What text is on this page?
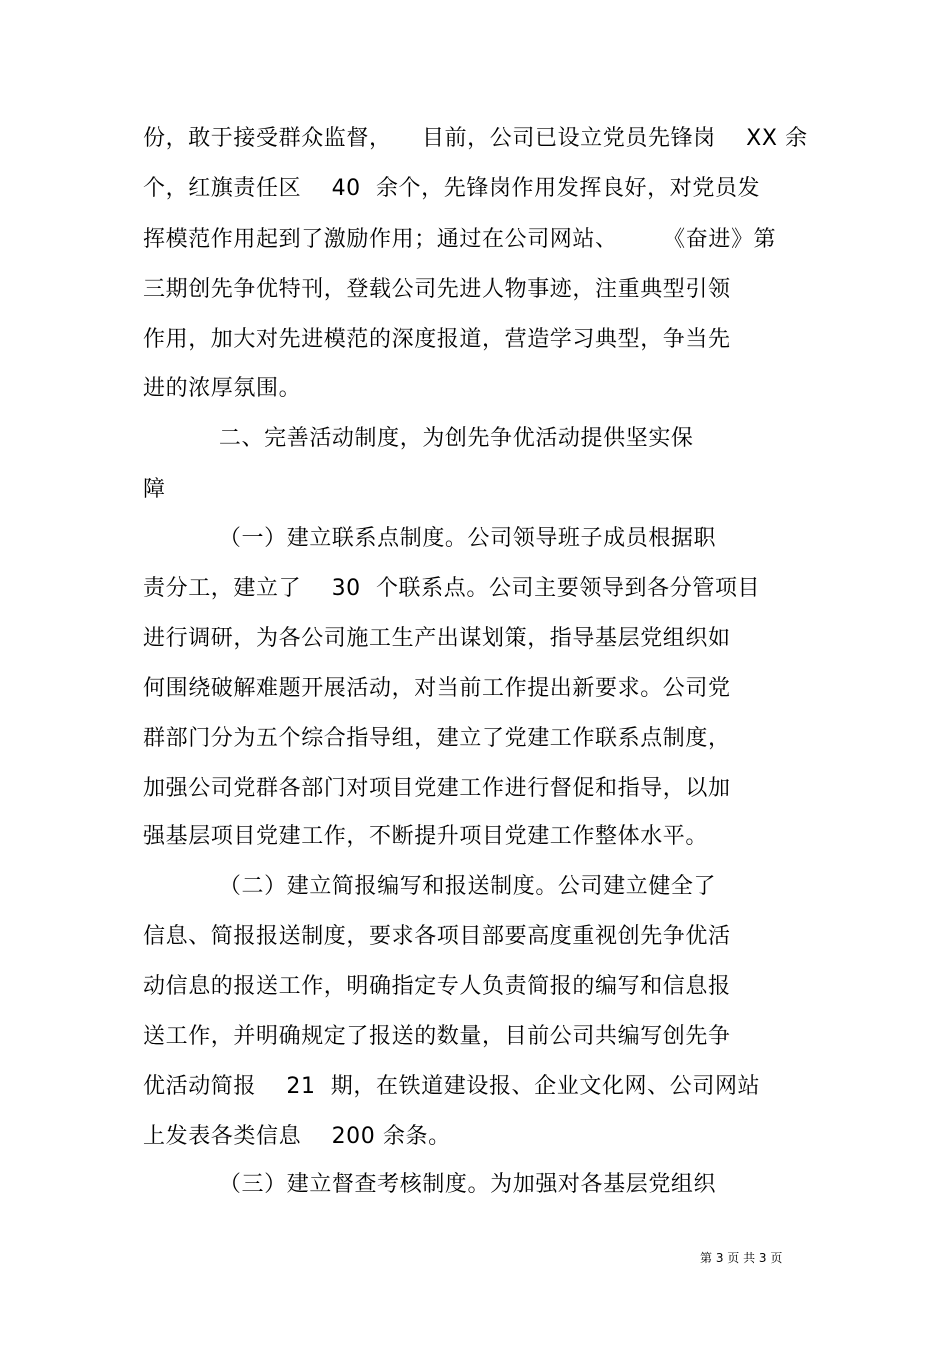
份，敢于接受群众监督，    目前，公司已设立党员先锋岗    XX 余
个，红旗责任区    40  余个，先锋岗作用发挥良好，对党员发
挥模范作用起到了激励作用；通过在公司网站、      《奋进》第
三期创先争优特刊，登载公司先进人物事迹，注重典型引领
作用，加大对先进模范的深度报道，营造学习典型，争当先
进的浓厚氛围。
二、完善活动制度，为创先争优活动提供坚实保
障
（一）建立联系点制度。公司领导班子成员根据职
责分工，建立了    30  个联系点。公司主要领导到各分管项目
进行调研，为各公司施工生产出谋划策，指导基层党组织如
何围绕破解难题开展活动，对当前工作提出新要求。公司党
群部门分为五个综合指导组，建立了党建工作联系点制度，
加强公司党群各部门对项目党建工作进行督促和指导，以加
强基层项目党建工作，不断提升项目党建工作整体水平。
（二）建立简报编写和报送制度。公司建立健全了
信息、简报报送制度，要求各项目部要高度重视创先争优活
动信息的报送工作，明确指定专人负责简报的编写和信息报
送工作，并明确规定了报送的数量，目前公司共编写创先争
优活动简报    21  期，在铁道建设报、企业文化网、公司网站
上发表各类信息    200 余条。
（三）建立督查考核制度。为加强对各基层党组织
第 3 页 共 3 页
